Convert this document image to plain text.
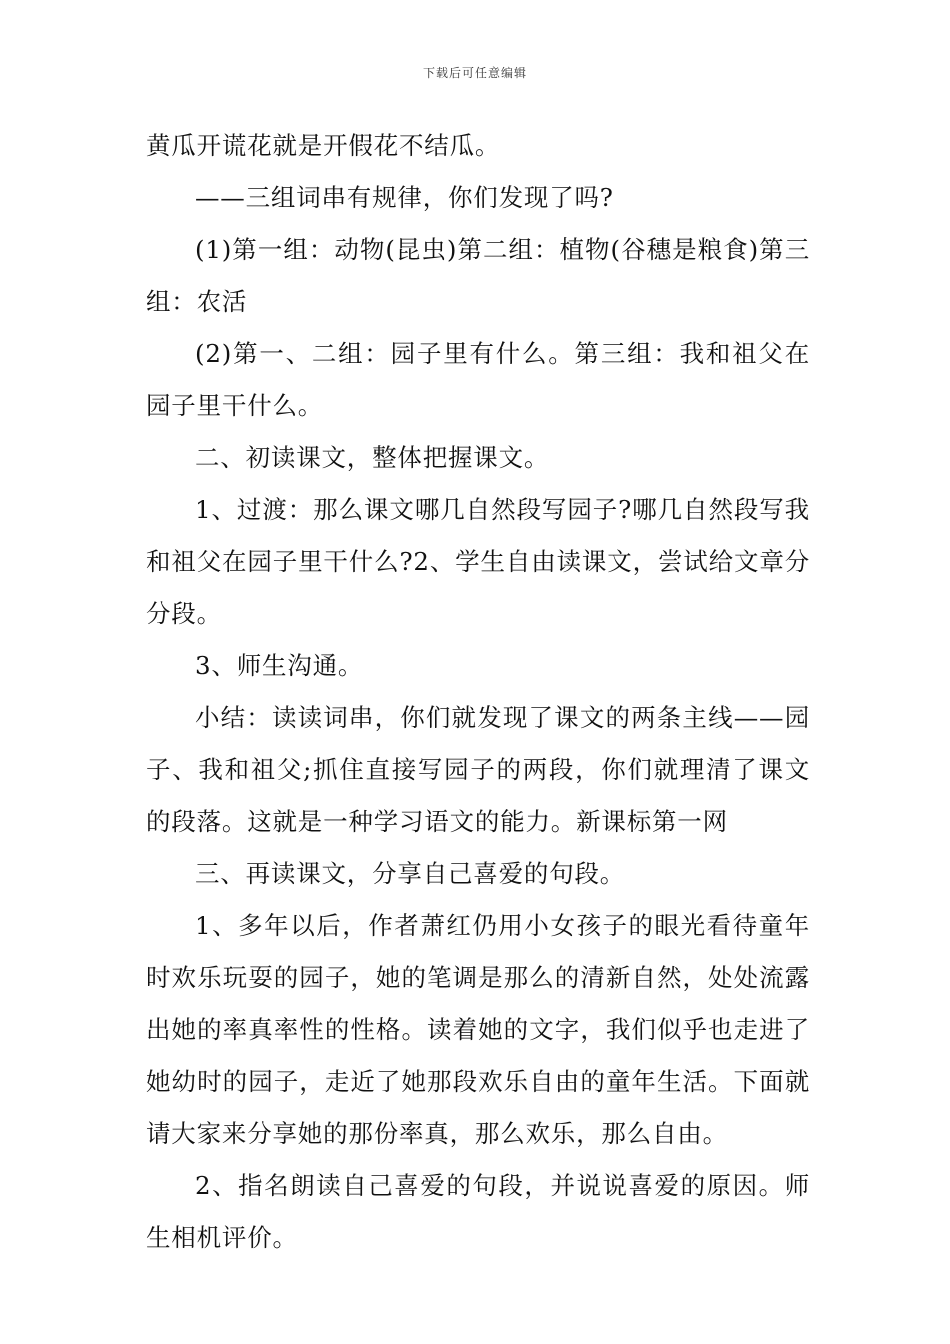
下载后可任意编辑

黄瓜开谎花就是开假花不结瓜。

——三组词串有规律，你们发现了吗?

(1)第一组：动物(昆虫)第二组：植物(谷穗是粮食)第三组：农活

(2)第一、二组：园子里有什么。第三组：我和祖父在园子里干什么。

二、初读课文，整体把握课文。

1、过渡：那么课文哪几自然段写园子?哪几自然段写我和祖父在园子里干什么?2、学生自由读课文，尝试给文章分分段。

3、师生沟通。

小结：读读词串，你们就发现了课文的两条主线——园子、我和祖父;抓住直接写园子的两段，你们就理清了课文的段落。这就是一种学习语文的能力。新课标第一网

三、再读课文，分享自己喜爱的句段。

1、多年以后，作者萧红仍用小女孩子的眼光看待童年时欢乐玩耍的园子，她的笔调是那么的清新自然，处处流露出她的率真率性的性格。读着她的文字，我们似乎也走进了她幼时的园子，走近了她那段欢乐自由的童年生活。下面就请大家来分享她的那份率真，那么欢乐，那么自由。

2、指名朗读自己喜爱的句段，并说说喜爱的原因。师生相机评价。
